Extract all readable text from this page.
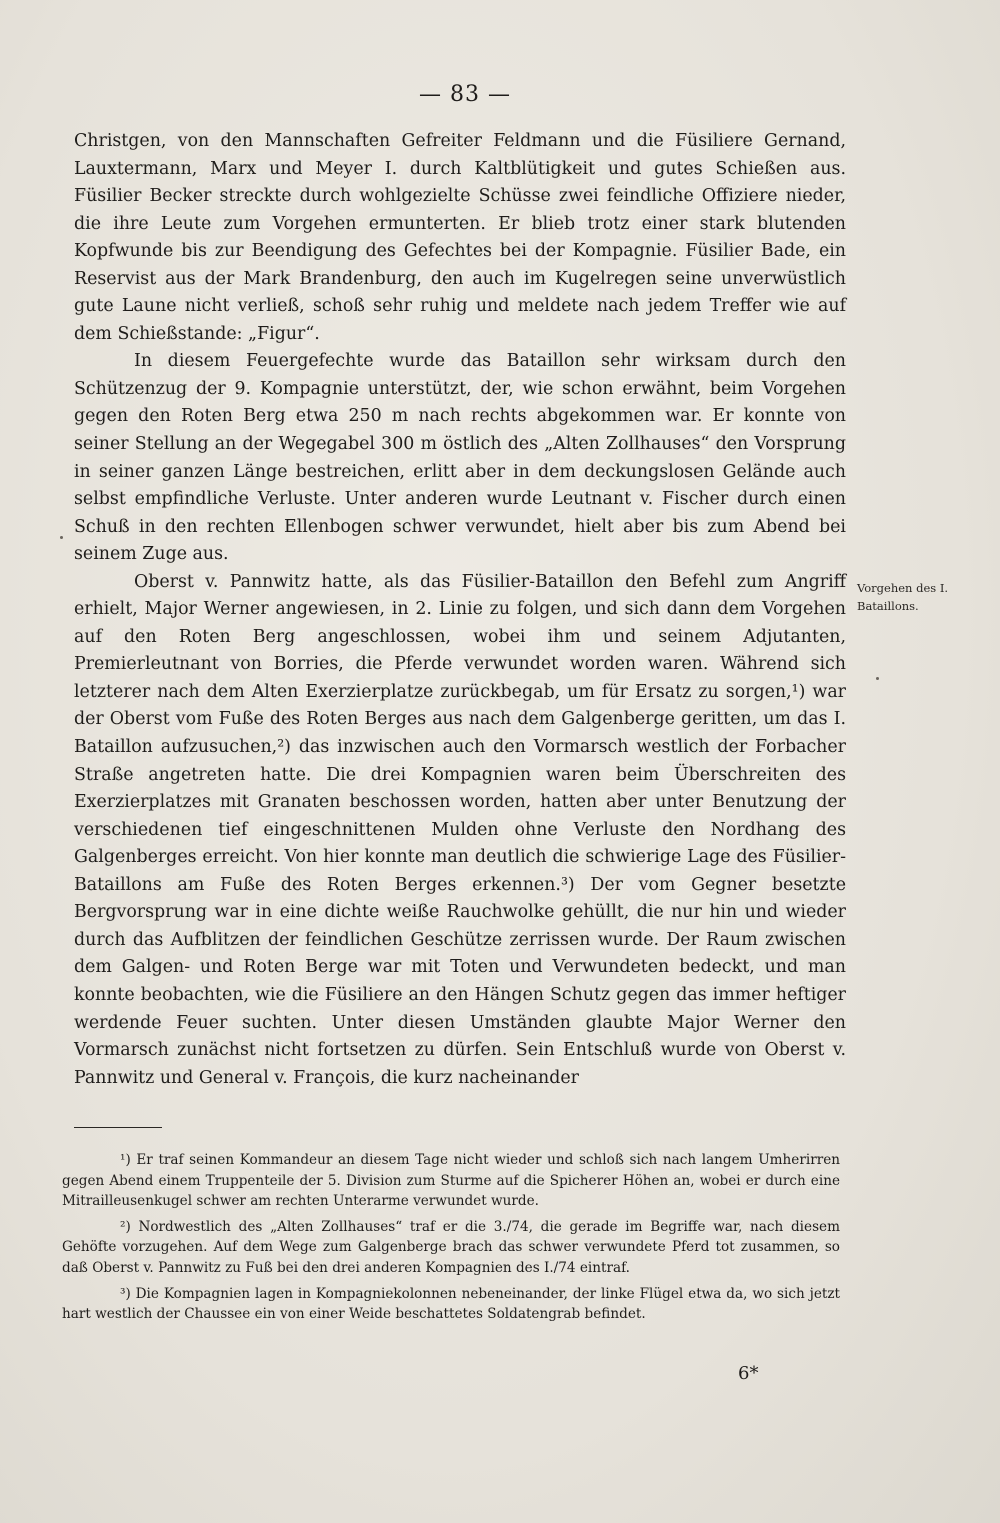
— 83 —

Christgen, von den Mannschaften Gefreiter Feldmann und die Füsiliere Gernand, Lauxtermann, Marx und Meyer I. durch Kaltblütigkeit und gutes Schießen aus. Füsilier Becker streckte durch wohlgezielte Schüsse zwei feindliche Offiziere nieder, die ihre Leute zum Vorgehen ermunterten. Er blieb trotz einer stark blutenden Kopfwunde bis zur Beendigung des Gefechtes bei der Kompagnie. Füsilier Bade, ein Reservist aus der Mark Brandenburg, den auch im Kugelregen seine unverwüstlich gute Laune nicht verließ, schoß sehr ruhig und meldete nach jedem Treffer wie auf dem Schießstande: „Figur“.

In diesem Feuergefechte wurde das Bataillon sehr wirksam durch den Schützenzug der 9. Kompagnie unterstützt, der, wie schon erwähnt, beim Vorgehen gegen den Roten Berg etwa 250 m nach rechts abgekommen war. Er konnte von seiner Stellung an der Wegegabel 300 m östlich des „Alten Zollhauses“ den Vorsprung in seiner ganzen Länge bestreichen, erlitt aber in dem deckungslosen Gelände auch selbst empfindliche Verluste. Unter anderen wurde Leutnant v. Fischer durch einen Schuß in den rechten Ellenbogen schwer verwundet, hielt aber bis zum Abend bei seinem Zuge aus.

Oberst v. Pannwitz hatte, als das Füsilier-Bataillon den Befehl zum Angriff erhielt, Major Werner angewiesen, in 2. Linie zu folgen, und sich dann dem Vorgehen auf den Roten Berg angeschlossen, wobei ihm und seinem Adjutanten, Premierleutnant von Borries, die Pferde verwundet worden waren. Während sich letzterer nach dem Alten Exerzierplatze zurückbegab, um für Ersatz zu sorgen,¹) war der Oberst vom Fuße des Roten Berges aus nach dem Galgenberge geritten, um das I. Bataillon aufzusuchen,²) das inzwischen auch den Vormarsch westlich der Forbacher Straße angetreten hatte. Die drei Kompagnien waren beim Überschreiten des Exerzierplatzes mit Granaten beschossen worden, hatten aber unter Benutzung der verschiedenen tief eingeschnittenen Mulden ohne Verluste den Nordhang des Galgenberges erreicht. Von hier konnte man deutlich die schwierige Lage des Füsilier-Bataillons am Fuße des Roten Berges erkennen.³) Der vom Gegner besetzte Bergvorsprung war in eine dichte weiße Rauchwolke gehüllt, die nur hin und wieder durch das Aufblitzen der feindlichen Geschütze zerrissen wurde. Der Raum zwischen dem Galgen- und Roten Berge war mit Toten und Verwundeten bedeckt, und man konnte beobachten, wie die Füsiliere an den Hängen Schutz gegen das immer heftiger werdende Feuer suchten. Unter diesen Umständen glaubte Major Werner den Vormarsch zunächst nicht fortsetzen zu dürfen. Sein Entschluß wurde von Oberst v. Pannwitz und General v. François, die kurz nacheinander

Vorgehen des I. Bataillons.

¹) Er traf seinen Kommandeur an diesem Tage nicht wieder und schloß sich nach langem Umherirren gegen Abend einem Truppenteile der 5. Division zum Sturme auf die Spicherer Höhen an, wobei er durch eine Mitrailleusenkugel schwer am rechten Unterarme verwundet wurde.

²) Nordwestlich des „Alten Zollhauses“ traf er die 3./74, die gerade im Begriffe war, nach diesem Gehöfte vorzugehen. Auf dem Wege zum Galgenberge brach das schwer verwundete Pferd tot zusammen, so daß Oberst v. Pannwitz zu Fuß bei den drei anderen Kompagnien des I./74 eintraf.

³) Die Kompagnien lagen in Kompagniekolonnen nebeneinander, der linke Flügel etwa da, wo sich jetzt hart westlich der Chaussee ein von einer Weide beschattetes Soldatengrab befindet.

6*
